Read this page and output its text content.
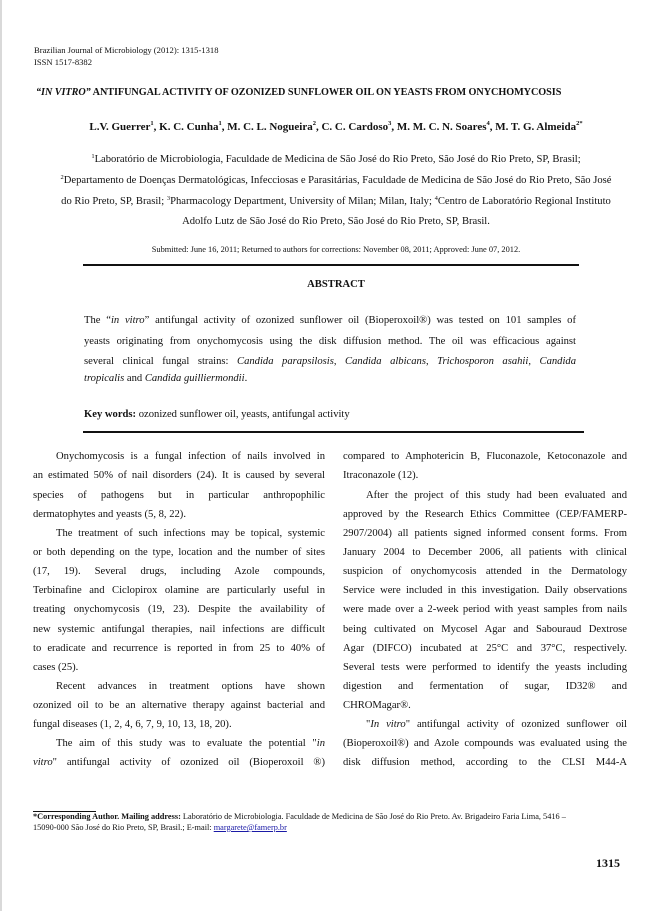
Brazilian Journal of Microbiology (2012): 1315-1318
ISSN 1517-8382
“IN VITRO” ANTIFUNGAL ACTIVITY OF OZONIZED SUNFLOWER OIL ON YEASTS FROM ONYCHOMYCOSIS
L.V. Guerrer$^1$, K. C. Cunha$^1$, M. C. L. Nogueira$^2$, C. C. Cardoso$^3$, M. M. C. N. Soares$^4$, M. T. G. Almeida$^{2*}$
$^1$Laboratório de Microbiologia, Faculdade de Medicina de São José do Rio Preto, São José do Rio Preto, SP, Brasil;
$^2$Departamento de Doenças Dermatológicas, Infecciosas e Parasitárias, Faculdade de Medicina de São José do Rio Preto, São José
do Rio Preto, SP, Brasil; $^3$Pharmacology Department, University of Milan; Milan, Italy; $^4$Centro de Laboratório Regional Instituto
Adolfo Lutz de São José do Rio Preto, São José do Rio Preto, SP, Brasil.
Submitted: June 16, 2011; Returned to authors for corrections: November 08, 2011; Approved: June 07, 2012.
ABSTRACT
The “in vitro” antifungal activity of ozonized sunflower oil (Bioperoxoil®) was tested on 101 samples of
yeasts originating from onychomycosis using the disk diffusion method. The oil was efficacious against
several clinical fungal strains: Candida parapsilosis, Candida albicans, Trichosporon asahii, Candida
tropicalis and Candida guilliermondii.
Key words: ozonized sunflower oil, yeasts, antifungal activity
Onychomycosis is a fungal infection of nails involved in
an estimated 50% of nail disorders (24). It is caused by several
species of pathogens but in particular anthropophilic
dermatophytes and yeasts (5, 8, 22).
The treatment of such infections may be topical, systemic
or both depending on the type, location and the number of sites
(17, 19). Several drugs, including Azole compounds,
Terbinafine and Ciclopirox olamine are particularly useful in
treating onychomycosis (19, 23). Despite the availability of
new systemic antifungal therapies, nail infections are difficult
to eradicate and recurrence is reported in from 25 to 40% of
cases (25).
Recent advances in treatment options have shown
ozonized oil to be an alternative therapy against bacterial and
fungal diseases (1, 2, 4, 6, 7, 9, 10, 13, 18, 20).
The aim of this study was to evaluate the potential "in
vitro" antifungal activity of ozonized oil (Bioperoxoil ®)
compared to Amphotericin B, Fluconazole, Ketoconazole and
Itraconazole (12).
After the project of this study had been evaluated and
approved by the Research Ethics Committee (CEP/FAMERP-
2907/2004) all patients signed informed consent forms. From
January 2004 to December 2006, all patients with clinical
suspicion of onychomycosis attended in the Dermatology
Service were included in this investigation. Daily observations
were made over a 2-week period with yeast samples from nails
being cultivated on Mycosel Agar and Sabouraud Dextrose
Agar (DIFCO) incubated at 25°C and 37°C, respectively.
Several tests were performed to identify the yeasts including
digestion and fermentation of sugar, ID32® and
CHROMagar®.
"In vitro" antifungal activity of ozonized sunflower oil
(Bioperoxoil®) and Azole compounds was evaluated using the
disk diffusion method, according to the CLSI M44-A
*Corresponding Author. Mailing address: Laboratório de Microbiologia. Faculdade de Medicina de São José do Rio Preto. Av. Brigadeiro Faria Lima, 5416 –
15090-000 São José do Rio Preto, SP, Brasil.; E-mail: margarete@famerp.br
1315
